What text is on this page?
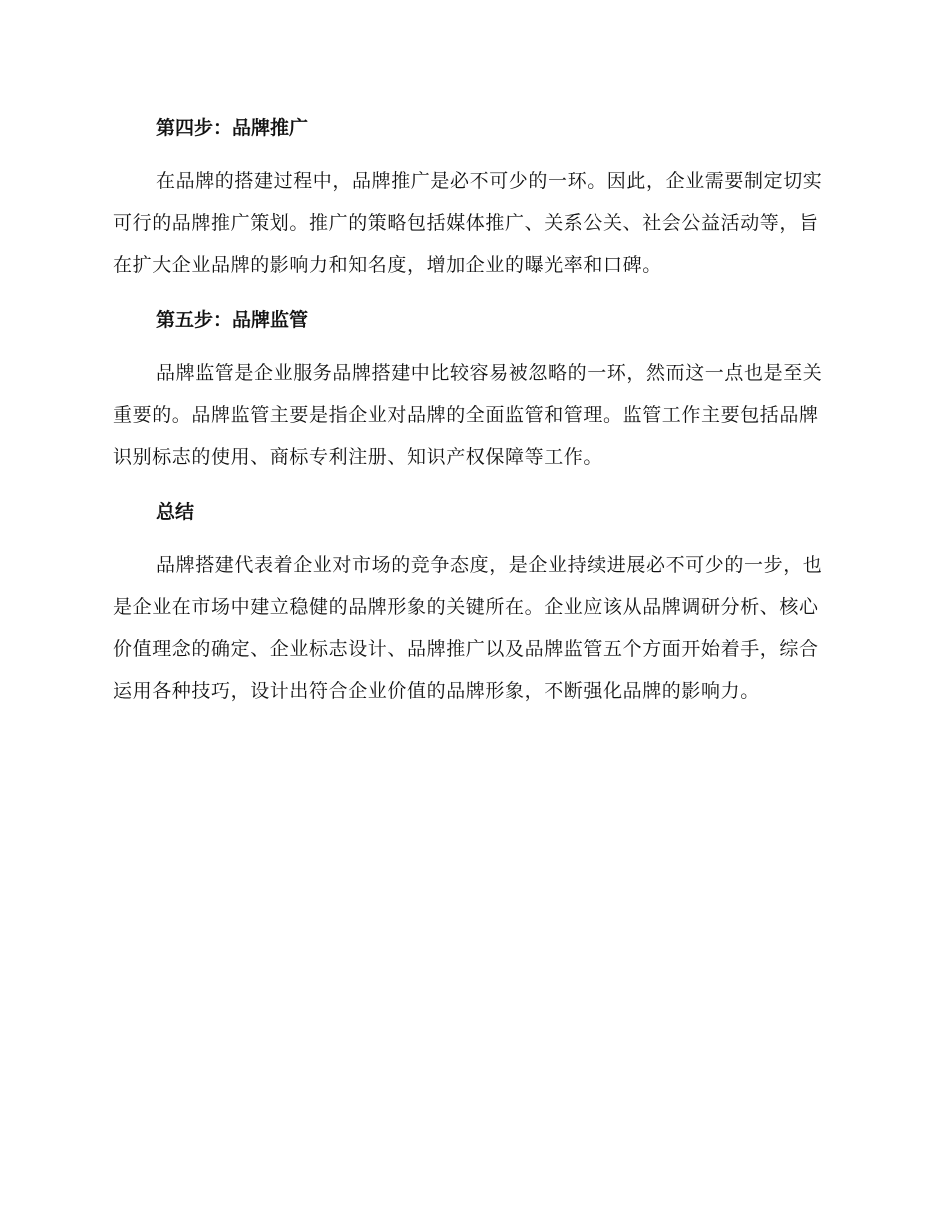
第四步：品牌推广
在品牌的搭建过程中，品牌推广是必不可少的一环。因此，企业需要制定切实可行的品牌推广策划。推广的策略包括媒体推广、关系公关、社会公益活动等，旨在扩大企业品牌的影响力和知名度，增加企业的曝光率和口碑。
第五步：品牌监管
品牌监管是企业服务品牌搭建中比较容易被忽略的一环，然而这一点也是至关重要的。品牌监管主要是指企业对品牌的全面监管和管理。监管工作主要包括品牌识别标志的使用、商标专利注册、知识产权保障等工作。
总结
品牌搭建代表着企业对市场的竞争态度，是企业持续进展必不可少的一步，也是企业在市场中建立稳健的品牌形象的关键所在。企业应该从品牌调研分析、核心价值理念的确定、企业标志设计、品牌推广以及品牌监管五个方面开始着手，综合运用各种技巧，设计出符合企业价值的品牌形象，不断强化品牌的影响力。
